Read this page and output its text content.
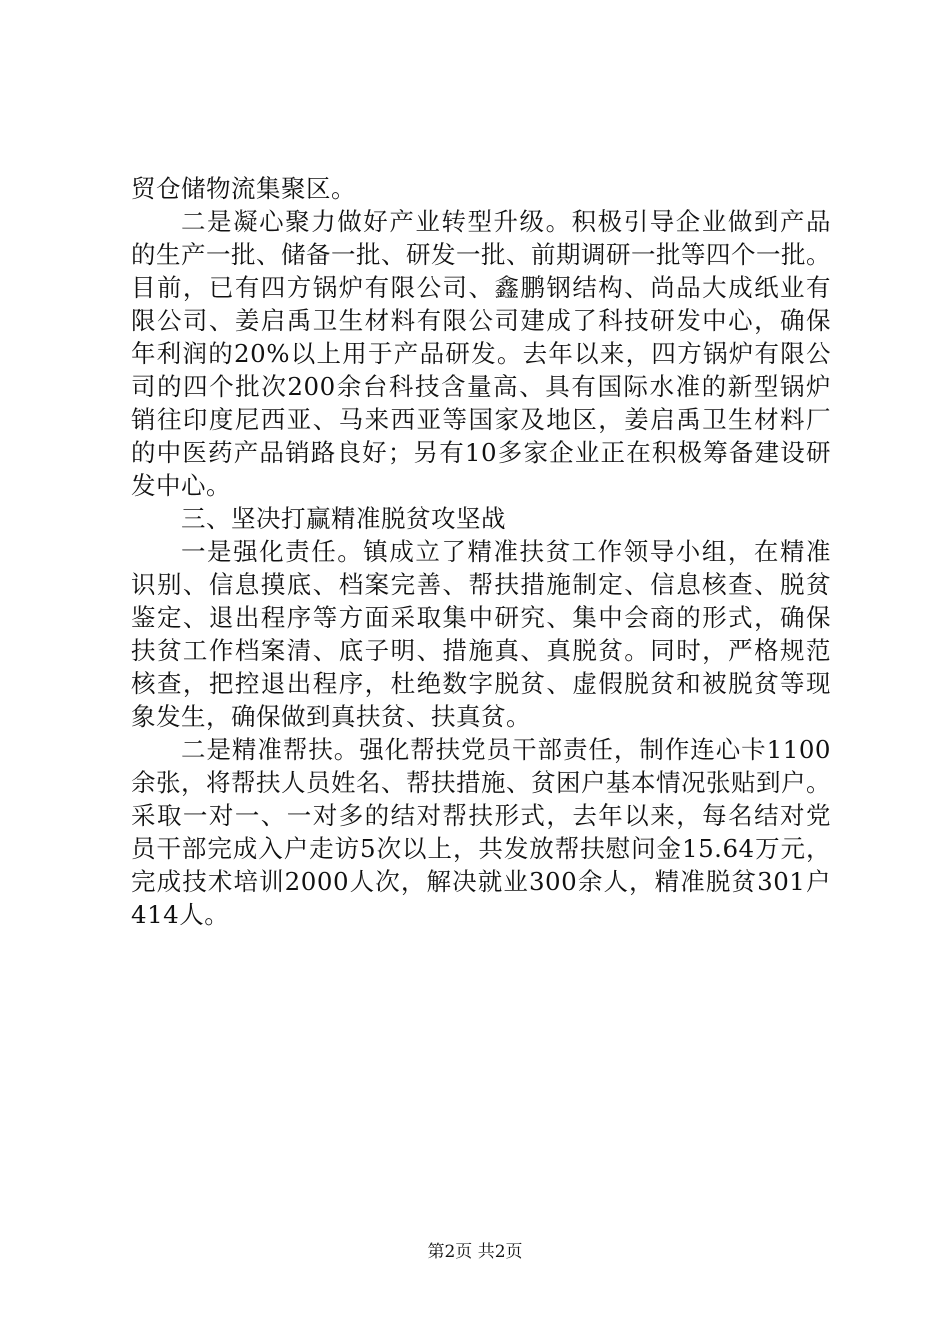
贸仓储物流集聚区。
二是凝心聚力做好产业转型升级。积极引导企业做到产品
的生产一批、储备一批、研发一批、前期调研一批等四个一批。
目前，已有四方锅炉有限公司、鑫鹏钢结构、尚品大成纸业有
限公司、姜启禹卫生材料有限公司建成了科技研发中心，确保
年利润的20%以上用于产品研发。去年以来，四方锅炉有限公
司的四个批次200余台科技含量高、具有国际水准的新型锅炉
销往印度尼西亚、马来西亚等国家及地区，姜启禹卫生材料厂
的中医药产品销路良好；另有10多家企业正在积极筹备建设研
发中心。
三、坚决打赢精准脱贫攻坚战
一是强化责任。镇成立了精准扶贫工作领导小组，在精准
识别、信息摸底、档案完善、帮扶措施制定、信息核查、脱贫
鉴定、退出程序等方面采取集中研究、集中会商的形式，确保
扶贫工作档案清、底子明、措施真、真脱贫。同时，严格规范
核查，把控退出程序，杜绝数字脱贫、虚假脱贫和被脱贫等现
象发生，确保做到真扶贫、扶真贫。
二是精准帮扶。强化帮扶党员干部责任，制作连心卡1100
余张，将帮扶人员姓名、帮扶措施、贫困户基本情况张贴到户。
采取一对一、一对多的结对帮扶形式，去年以来，每名结对党
员干部完成入户走访5次以上，共发放帮扶慰问金15.64万元，
完成技术培训2000人次，解决就业300余人，精准脱贫301户
414人。
第2页 共2页
